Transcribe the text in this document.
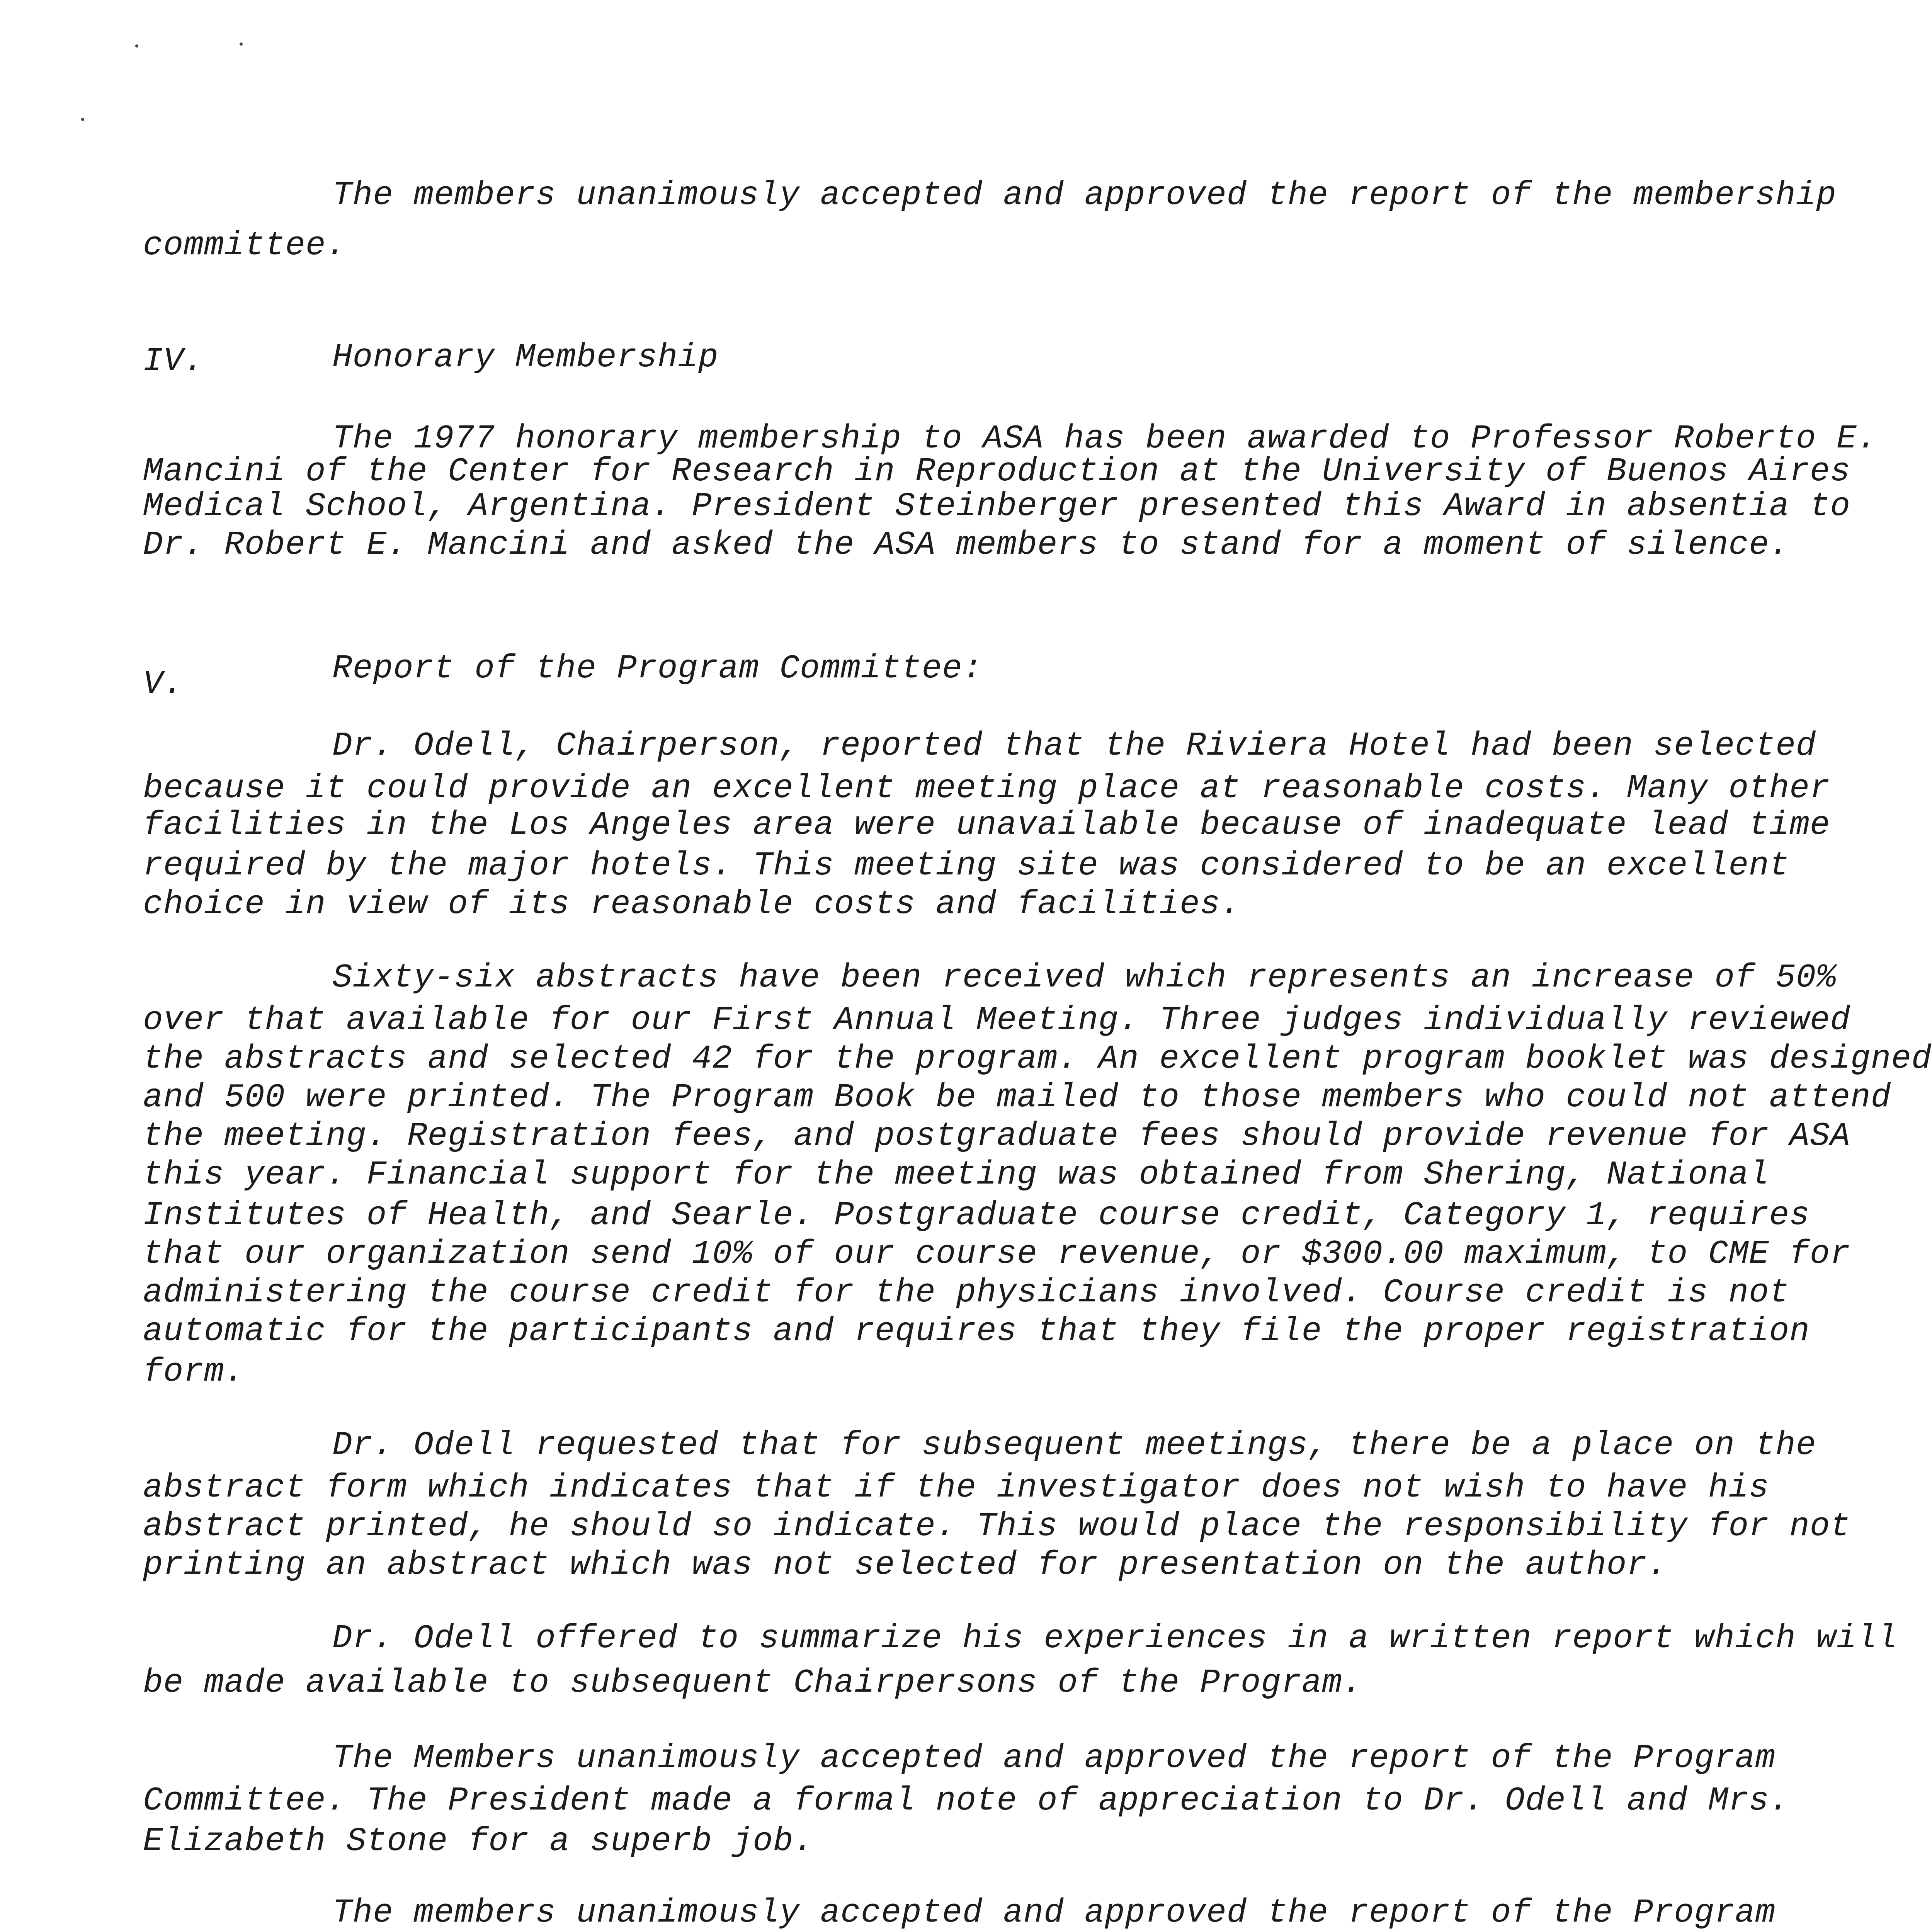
The members unanimously accepted and approved the report of the membership
committee.
IV.	Honorary Membership
The 1977 honorary membership to ASA has been awarded to Professor Roberto E.
Mancini of the Center for Research in Reproduction at the University of Buenos Aires
Medical School, Argentina. President Steinberger presented this Award in absentia to
Dr. Robert E. Mancini and asked the ASA members to stand for a moment of silence.
V.	Report of the Program Committee:
Dr. Odell, Chairperson, reported that the Riviera Hotel had been selected
because it could provide an excellent meeting place at reasonable costs. Many other
facilities in the Los Angeles area were unavailable because of inadequate lead time
required by the major hotels. This meeting site was considered to be an excellent
choice in view of its reasonable costs and facilities.
Sixty-six abstracts have been received which represents an increase of 50%
over that available for our First Annual Meeting. Three judges individually reviewed
the abstracts and selected 42 for the program. An excellent program booklet was designed
and 500 were printed. The Program Book be mailed to those members who could not attend
the meeting. Registration fees, and postgraduate fees should provide revenue for ASA
this year. Financial support for the meeting was obtained from Shering, National
Institutes of Health, and Searle. Postgraduate course credit, Category 1, requires
that our organization send 10% of our course revenue, or $300.00 maximum, to CME for
administering the course credit for the physicians involved. Course credit is not
automatic for the participants and requires that they file the proper registration
form.
Dr. Odell requested that for subsequent meetings, there be a place on the
abstract form which indicates that if the investigator does not wish to have his
abstract printed, he should so indicate. This would place the responsibility for not
printing an abstract which was not selected for presentation on the author.
Dr. Odell offered to summarize his experiences in a written report which will
be made available to subsequent Chairpersons of the Program.
The Members unanimously accepted and approved the report of the Program
Committee. The President made a formal note of appreciation to Dr. Odell and Mrs.
Elizabeth Stone for a superb job.
The members unanimously accepted and approved the report of the Program
